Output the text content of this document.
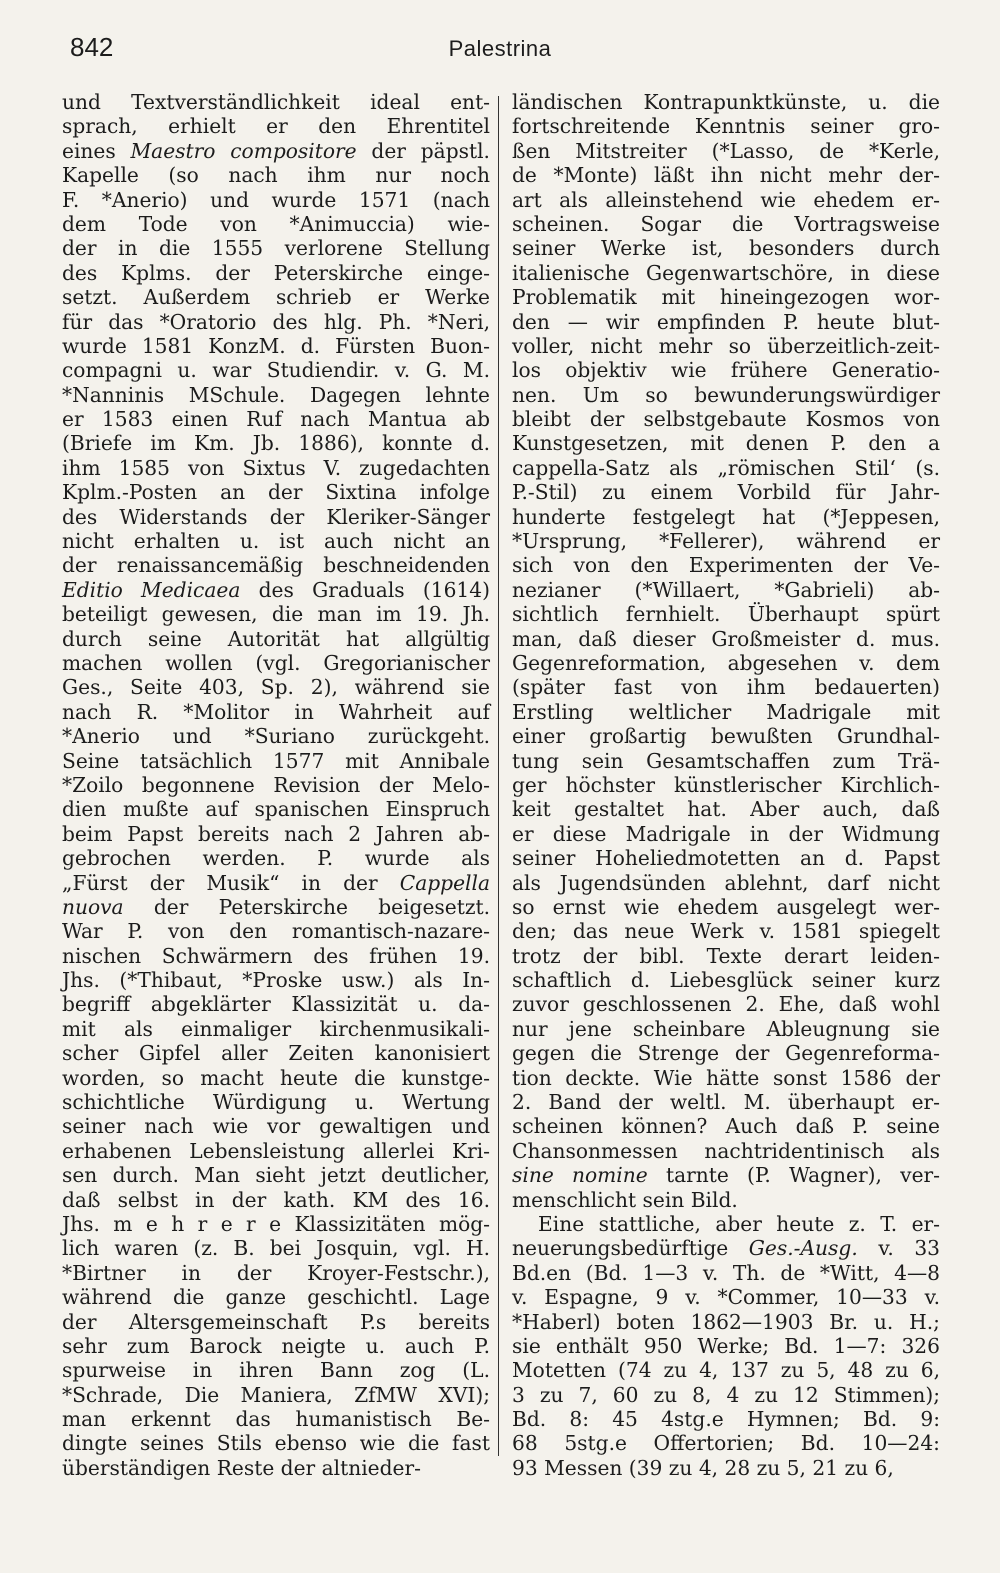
842	Palestrina
und Textverständlichkeit ideal ent-
sprach, erhielt er den Ehrentitel
eines Maestro compositore der päpstl.
Kapelle (so nach ihm nur noch
F. *Anerio) und wurde 1571 (nach
dem Tode von *Animuccia) wie-
der in die 1555 verlorene Stellung
des Kplms. der Peterskirche einge-
setzt. Außerdem schrieb er Werke
für das *Oratorio des hlg. Ph. *Neri,
wurde 1581 KonzM. d. Fürsten Buon-
compagni u. war Studiendir. v. G. M.
*Nanninis MSchule. Dagegen lehnte
er 1583 einen Ruf nach Mantua ab
(Briefe im Km. Jb. 1886), konnte d.
ihm 1585 von Sixtus V. zugedachten
Kplm.-Posten an der Sixtina infolge
des Widerstands der Kleriker-Sänger
nicht erhalten u. ist auch nicht an
der renaissancemäßig beschneidenden
Editio Medicaea des Graduals (1614)
beteiligt gewesen, die man im 19. Jh.
durch seine Autorität hat allgültig
machen wollen (vgl. Gregorianischer
Ges., Seite 403, Sp. 2), während sie
nach R. *Molitor in Wahrheit auf
*Anerio und *Suriano zurückgeht.
Seine tatsächlich 1577 mit Annibale
*Zoilo begonnene Revision der Melo-
dien mußte auf spanischen Einspruch
beim Papst bereits nach 2 Jahren ab-
gebrochen werden. P. wurde als
„Fürst der Musik“ in der Cappella
nuova der Peterskirche beigesetzt.
War P. von den romantisch-nazare-
nischen Schwärmern des frühen 19.
Jhs. (*Thibaut, *Proske usw.) als In-
begriff abgeklärter Klassizität u. da-
mit als einmaliger kirchenmusikali-
scher Gipfel aller Zeiten kanonisiert
worden, so macht heute die kunstge-
schichtliche Würdigung u. Wertung
seiner nach wie vor gewaltigen und
erhabenen Lebensleistung allerlei Kri-
sen durch. Man sieht jetzt deutlicher,
daß selbst in der kath. KM des 16.
Jhs. m e h r e r e Klassizitäten mög-
lich waren (z. B. bei Josquin, vgl. H.
*Birtner in der Kroyer-Festschr.),
während die ganze geschichtl. Lage
der Altersgemeinschaft P.s bereits
sehr zum Barock neigte u. auch P.
spurweise in ihren Bann zog (L.
*Schrade, Die Maniera, ZfMW XVI);
man erkennt das humanistisch Be-
dingte seines Stils ebenso wie die fast
überständigen Reste der altnieder-
ländischen Kontrapunktkünste, u. die
fortschreitende Kenntnis seiner gro-
ßen Mitstreiter (*Lasso, de *Kerle,
de *Monte) läßt ihn nicht mehr der-
art als alleinstehend wie ehedem er-
scheinen. Sogar die Vortragsweise
seiner Werke ist, besonders durch
italienische Gegenwartschöre, in diese
Problematik mit hineingezogen wor-
den — wir empfinden P. heute blut-
voller, nicht mehr so überzeitlich-zeit-
los objektiv wie frühere Generatio-
nen. Um so bewunderungswürdiger
bleibt der selbstgebaute Kosmos von
Kunstgesetzen, mit denen P. den a
cappella-Satz als „römischen Stil‘ (s.
P.-Stil) zu einem Vorbild für Jahr-
hunderte festgelegt hat (*Jeppesen,
*Ursprung, *Fellerer), während er
sich von den Experimenten der Ve-
nezianer (*Willaert, *Gabrieli) ab-
sichtlich fernhielt. Überhaupt spürt
man, daß dieser Großmeister d. mus.
Gegenreformation, abgesehen v. dem
(später fast von ihm bedauerten)
Erstling weltlicher Madrigale mit
einer großartig bewußten Grundhal-
tung sein Gesamtschaffen zum Trä-
ger höchster künstlerischer Kirchlich-
keit gestaltet hat. Aber auch, daß
er diese Madrigale in der Widmung
seiner Hoheliedmotetten an d. Papst
als Jugendsünden ablehnt, darf nicht
so ernst wie ehedem ausgelegt wer-
den; das neue Werk v. 1581 spiegelt
trotz der bibl. Texte derart leiden-
schaftlich d. Liebesglück seiner kurz
zuvor geschlossenen 2. Ehe, daß wohl
nur jene scheinbare Ableugnung sie
gegen die Strenge der Gegenreforma-
tion deckte. Wie hätte sonst 1586 der
2. Band der weltl. M. überhaupt er-
scheinen können? Auch daß P. seine
Chansonmessen nachtridentinisch als
sine nomine tarnte (P. Wagner), ver-
menschlicht sein Bild.
Eine stattliche, aber heute z. T. er-
neuerungsbedürftige Ges.-Ausg. v. 33
Bd.en (Bd. 1—3 v. Th. de *Witt, 4—8
v. Espagne, 9 v. *Commer, 10—33 v.
*Haberl) boten 1862—1903 Br. u. H.;
sie enthält 950 Werke; Bd. 1—7: 326
Motetten (74 zu 4, 137 zu 5, 48 zu 6,
3 zu 7, 60 zu 8, 4 zu 12 Stimmen);
Bd. 8: 45 4stg.e Hymnen; Bd. 9:
68 5stg.e Offertorien; Bd. 10—24:
93 Messen (39 zu 4, 28 zu 5, 21 zu 6,
